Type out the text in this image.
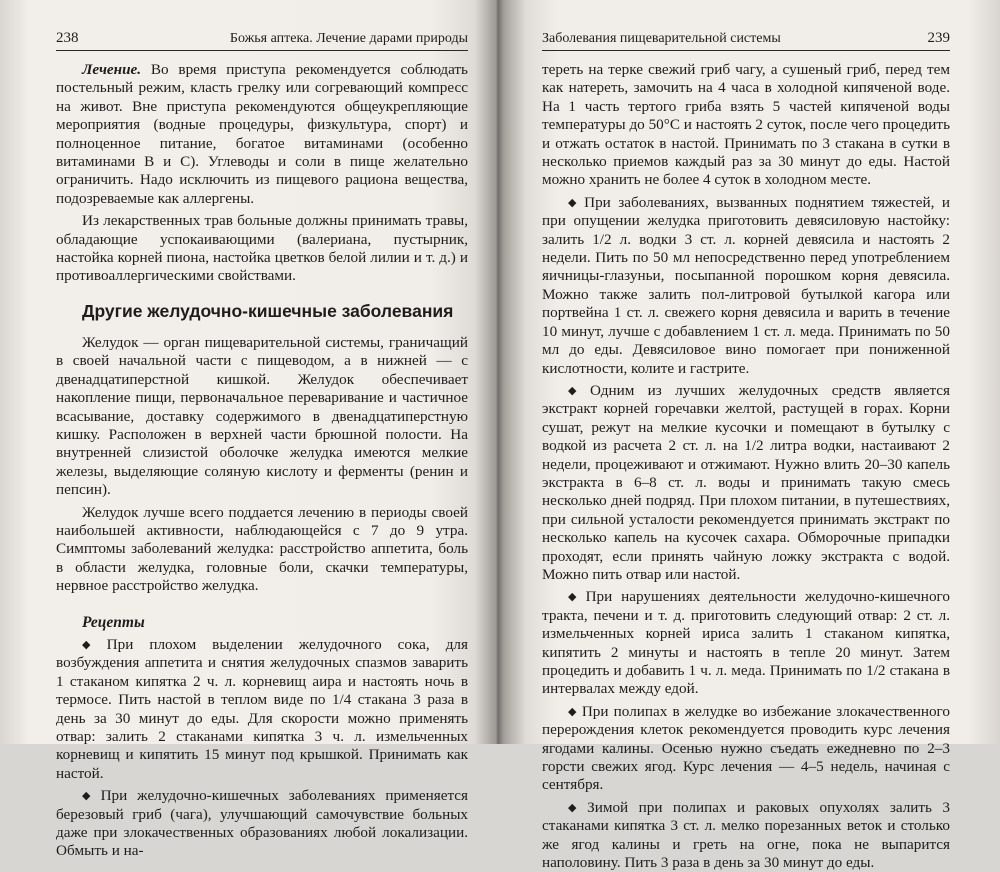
238	Божья аптека. Лечение дарами природы

Лечение. Во время приступа рекомендуется соблюдать постельный режим, класть грелку или согревающий компресс на живот. Вне приступа рекомендуются общеукрепляющие мероприятия (водные процедуры, физкультура, спорт) и полноценное питание, богатое витаминами (особенно витаминами В и С). Углеводы и соли в пище желательно ограничить. Надо исключить из пищевого рациона вещества, подозреваемые как аллергены.

Из лекарственных трав больные должны принимать травы, обладающие успокаивающими (валериана, пустырник, настойка корней пиона, настойка цветков белой лилии и т. д.) и противоаллергическими свойствами.

Другие желудочно-кишечные заболевания

Желудок — орган пищеварительной системы, граничащий в своей начальной части с пищеводом, а в нижней — с двенадцатиперстной кишкой. Желудок обеспечивает накопление пищи, первоначальное переваривание и частичное всасывание, доставку содержимого в двенадцатиперстную кишку. Расположен в верхней части брюшной полости. На внутренней слизистой оболочке желудка имеются мелкие железы, выделяющие соляную кислоту и ферменты (ренин и пепсин).

Желудок лучше всего поддается лечению в периоды своей наибольшей активности, наблюдающейся с 7 до 9 утра. Симптомы заболеваний желудка: расстройство аппетита, боль в области желудка, головные боли, скачки температуры, нервное расстройство желудка.

Рецепты

◆ При плохом выделении желудочного сока, для возбуждения аппетита и снятия желудочных спазмов заварить 1 стаканом кипятка 2 ч. л. корневищ аира и настоять ночь в термосе. Пить настой в теплом виде по 1/4 стакана 3 раза в день за 30 минут до еды. Для скорости можно применять отвар: залить 2 стаканами кипятка 3 ч. л. измельченных корневищ и кипятить 15 минут под крышкой. Принимать как настой.

◆ При желудочно-кишечных заболеваниях применяется березовый гриб (чага), улучшающий самочувствие больных даже при злокачественных образованиях любой локализации. Обмыть и на-

Заболевания пищеварительной системы	239

тереть на терке свежий гриб чагу, а сушеный гриб, перед тем как натереть, замочить на 4 часа в холодной кипяченой воде. На 1 часть тертого гриба взять 5 частей кипяченой воды температуры до 50°С и настоять 2 суток, после чего процедить и отжать остаток в настой. Принимать по 3 стакана в сутки в несколько приемов каждый раз за 30 минут до еды. Настой можно хранить не более 4 суток в холодном месте.

◆ При заболеваниях, вызванных поднятием тяжестей, и при опущении желудка приготовить девясиловую настойку: залить 1/2 л. водки 3 ст. л. корней девясила и настоять 2 недели. Пить по 50 мл непосредственно перед употреблением яичницы-глазуньи, посыпанной порошком корня девясила. Можно также залить пол-литровой бутылкой кагора или портвейна 1 ст. л. свежего корня девясила и варить в течение 10 минут, лучше с добавлением 1 ст. л. меда. Принимать по 50 мл до еды. Девясиловое вино помогает при пониженной кислотности, колите и гастрите.

◆ Одним из лучших желудочных средств является экстракт корней горечавки желтой, растущей в горах. Корни сушат, режут на мелкие кусочки и помещают в бутылку с водкой из расчета 2 ст. л. на 1/2 литра водки, настаивают 2 недели, процеживают и отжимают. Нужно влить 20–30 капель экстракта в 6–8 ст. л. воды и принимать такую смесь несколько дней подряд. При плохом питании, в путешествиях, при сильной усталости рекомендуется принимать экстракт по несколько капель на кусочек сахара. Обморочные припадки проходят, если принять чайную ложку экстракта с водой. Можно пить отвар или настой.

◆ При нарушениях деятельности желудочно-кишечного тракта, печени и т. д. приготовить следующий отвар: 2 ст. л. измельченных корней ириса залить 1 стаканом кипятка, кипятить 2 минуты и настоять в тепле 20 минут. Затем процедить и добавить 1 ч. л. меда. Принимать по 1/2 стакана в интервалах между едой.

◆ При полипах в желудке во избежание злокачественного перерождения клеток рекомендуется проводить курс лечения ягодами калины. Осенью нужно съедать ежедневно по 2–3 горсти свежих ягод. Курс лечения — 4–5 недель, начиная с сентября.

◆ Зимой при полипах и раковых опухолях залить 3 стаканами кипятка 3 ст. л. мелко порезанных веток и столько же ягод калины и греть на огне, пока не выпарится наполовину. Пить 3 раза в день за 30 минут до еды.
